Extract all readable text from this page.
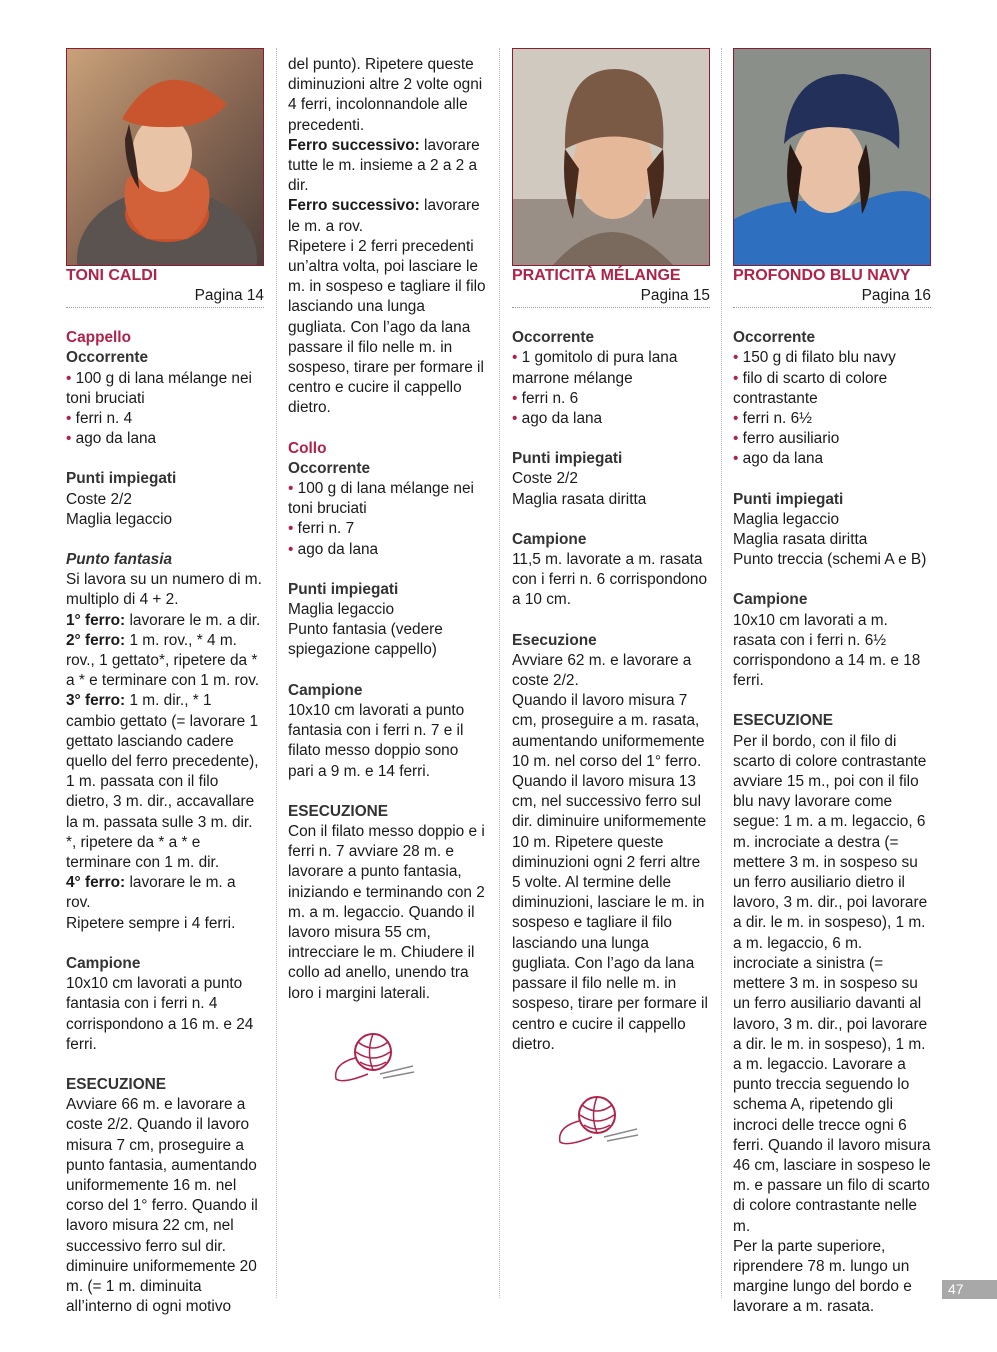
TONI CALDI

Pagina 14

Cappello

Occorrente

• 100 g di lana mélange nei toni bruciati

• ferri n. 4

• ago da lana

Punti impiegati

Coste 2/2

Maglia legaccio

Punto fantasia

Si lavora su un numero di m. multiplo di 4 + 2.

1° ferro: lavorare le m. a dir.

2° ferro: 1 m. rov., * 4 m. rov., 1 gettato*, ripetere da * a * e terminare con 1 m. rov.

3° ferro: 1 m. dir., * 1 cambio gettato (= lavorare 1 gettato lasciando cadere quello del ferro precedente), 1 m. passata con il filo dietro, 3 m. dir., accavallare la m. passata sulle 3 m. dir. *, ripetere da * a * e terminare con 1 m. dir.

4° ferro: lavorare le m. a rov.

Ripetere sempre i 4 ferri.

Campione

10x10 cm lavorati a punto fantasia con i ferri n. 4 corrispondono a 16 m. e 24 ferri.

ESECUZIONE

Avviare 66 m. e lavorare a coste 2/2. Quando il lavoro misura 7 cm, proseguire a punto fantasia, aumentando uniformemente 16 m. nel corso del 1° ferro. Quando il lavoro misura 22 cm, nel successivo ferro sul dir. diminuire uniformemente 20 m. (= 1 m. diminuita all’interno di ogni motivo

del punto). Ripetere queste diminuzioni altre 2 volte ogni 4 ferri, incolonnandole alle precedenti.

Ferro successivo: lavorare tutte le m. insieme a 2 a 2 a dir.

Ferro successivo: lavorare le m. a rov.

Ripetere i 2 ferri precedenti un’altra volta, poi lasciare le m. in sospeso e tagliare il filo lasciando una lunga gugliata. Con l’ago da lana passare il filo nelle m. in sospeso, tirare per formare il centro e cucire il cappello dietro.

Collo

Occorrente

• 100 g di lana mélange nei toni bruciati

• ferri n. 7

• ago da lana

Punti impiegati

Maglia legaccio

Punto fantasia (vedere spiegazione cappello)

Campione

10x10 cm lavorati a punto fantasia con i ferri n. 7 e il filato messo doppio sono pari a 9 m. e 14 ferri.

ESECUZIONE

Con il filato messo doppio e i ferri n. 7 avviare 28 m. e lavorare a punto fantasia, iniziando e terminando con 2 m. a m. legaccio. Quando il lavoro misura 55 cm, intrecciare le m. Chiudere il collo ad anello, unendo tra loro i margini laterali.

PRATICITÀ MÉLANGE

Pagina 15

Occorrente

• 1 gomitolo di pura lana marrone mélange

• ferri n. 6

• ago da lana

Punti impiegati

Coste 2/2

Maglia rasata diritta

Campione

11,5 m. lavorate a m. rasata con i ferri n. 6 corrispondono a 10 cm.

Esecuzione

Avviare 62 m. e lavorare a coste 2/2.

Quando il lavoro misura 7 cm, proseguire a m. rasata, aumentando uniformemente 10 m. nel corso del 1° ferro.

Quando il lavoro misura 13 cm, nel successivo ferro sul dir. diminuire uniformemente 10 m. Ripetere queste diminuzioni ogni 2 ferri altre 5 volte. Al termine delle diminuzioni, lasciare le m. in sospeso e tagliare il filo lasciando una lunga gugliata. Con l’ago da lana passare il filo nelle m. in sospeso, tirare per formare il centro e cucire il cappello dietro.

PROFONDO BLU NAVY

Pagina 16

Occorrente

• 150 g di filato blu navy

• filo di scarto di colore contrastante

• ferri n. 6½

• ferro ausiliario

• ago da lana

Punti impiegati

Maglia legaccio

Maglia rasata diritta

Punto treccia (schemi A e B)

Campione

10x10 cm lavorati a m. rasata con i ferri n. 6½ corrispondono a 14 m. e 18 ferri.

ESECUZIONE

Per il bordo, con il filo di scarto di colore contrastante avviare 15 m., poi con il filo blu navy lavorare come segue: 1 m. a m. legaccio, 6 m. incrociate a destra (= mettere 3 m. in sospeso su un ferro ausiliario dietro il lavoro, 3 m. dir., poi lavorare a dir. le m. in sospeso), 1 m. a m. legaccio, 6 m. incrociate a sinistra (= mettere 3 m. in sospeso su un ferro ausiliario davanti al lavoro, 3 m. dir., poi lavorare a dir. le m. in sospeso), 1 m. a m. legaccio. Lavorare a punto treccia seguendo lo schema A, ripetendo gli incroci delle trecce ogni 6 ferri. Quando il lavoro misura 46 cm, lasciare in sospeso le m. e passare un filo di scarto di colore contrastante nelle m.

Per la parte superiore, riprendere 78 m. lungo un margine lungo del bordo e lavorare a m. rasata.

47
